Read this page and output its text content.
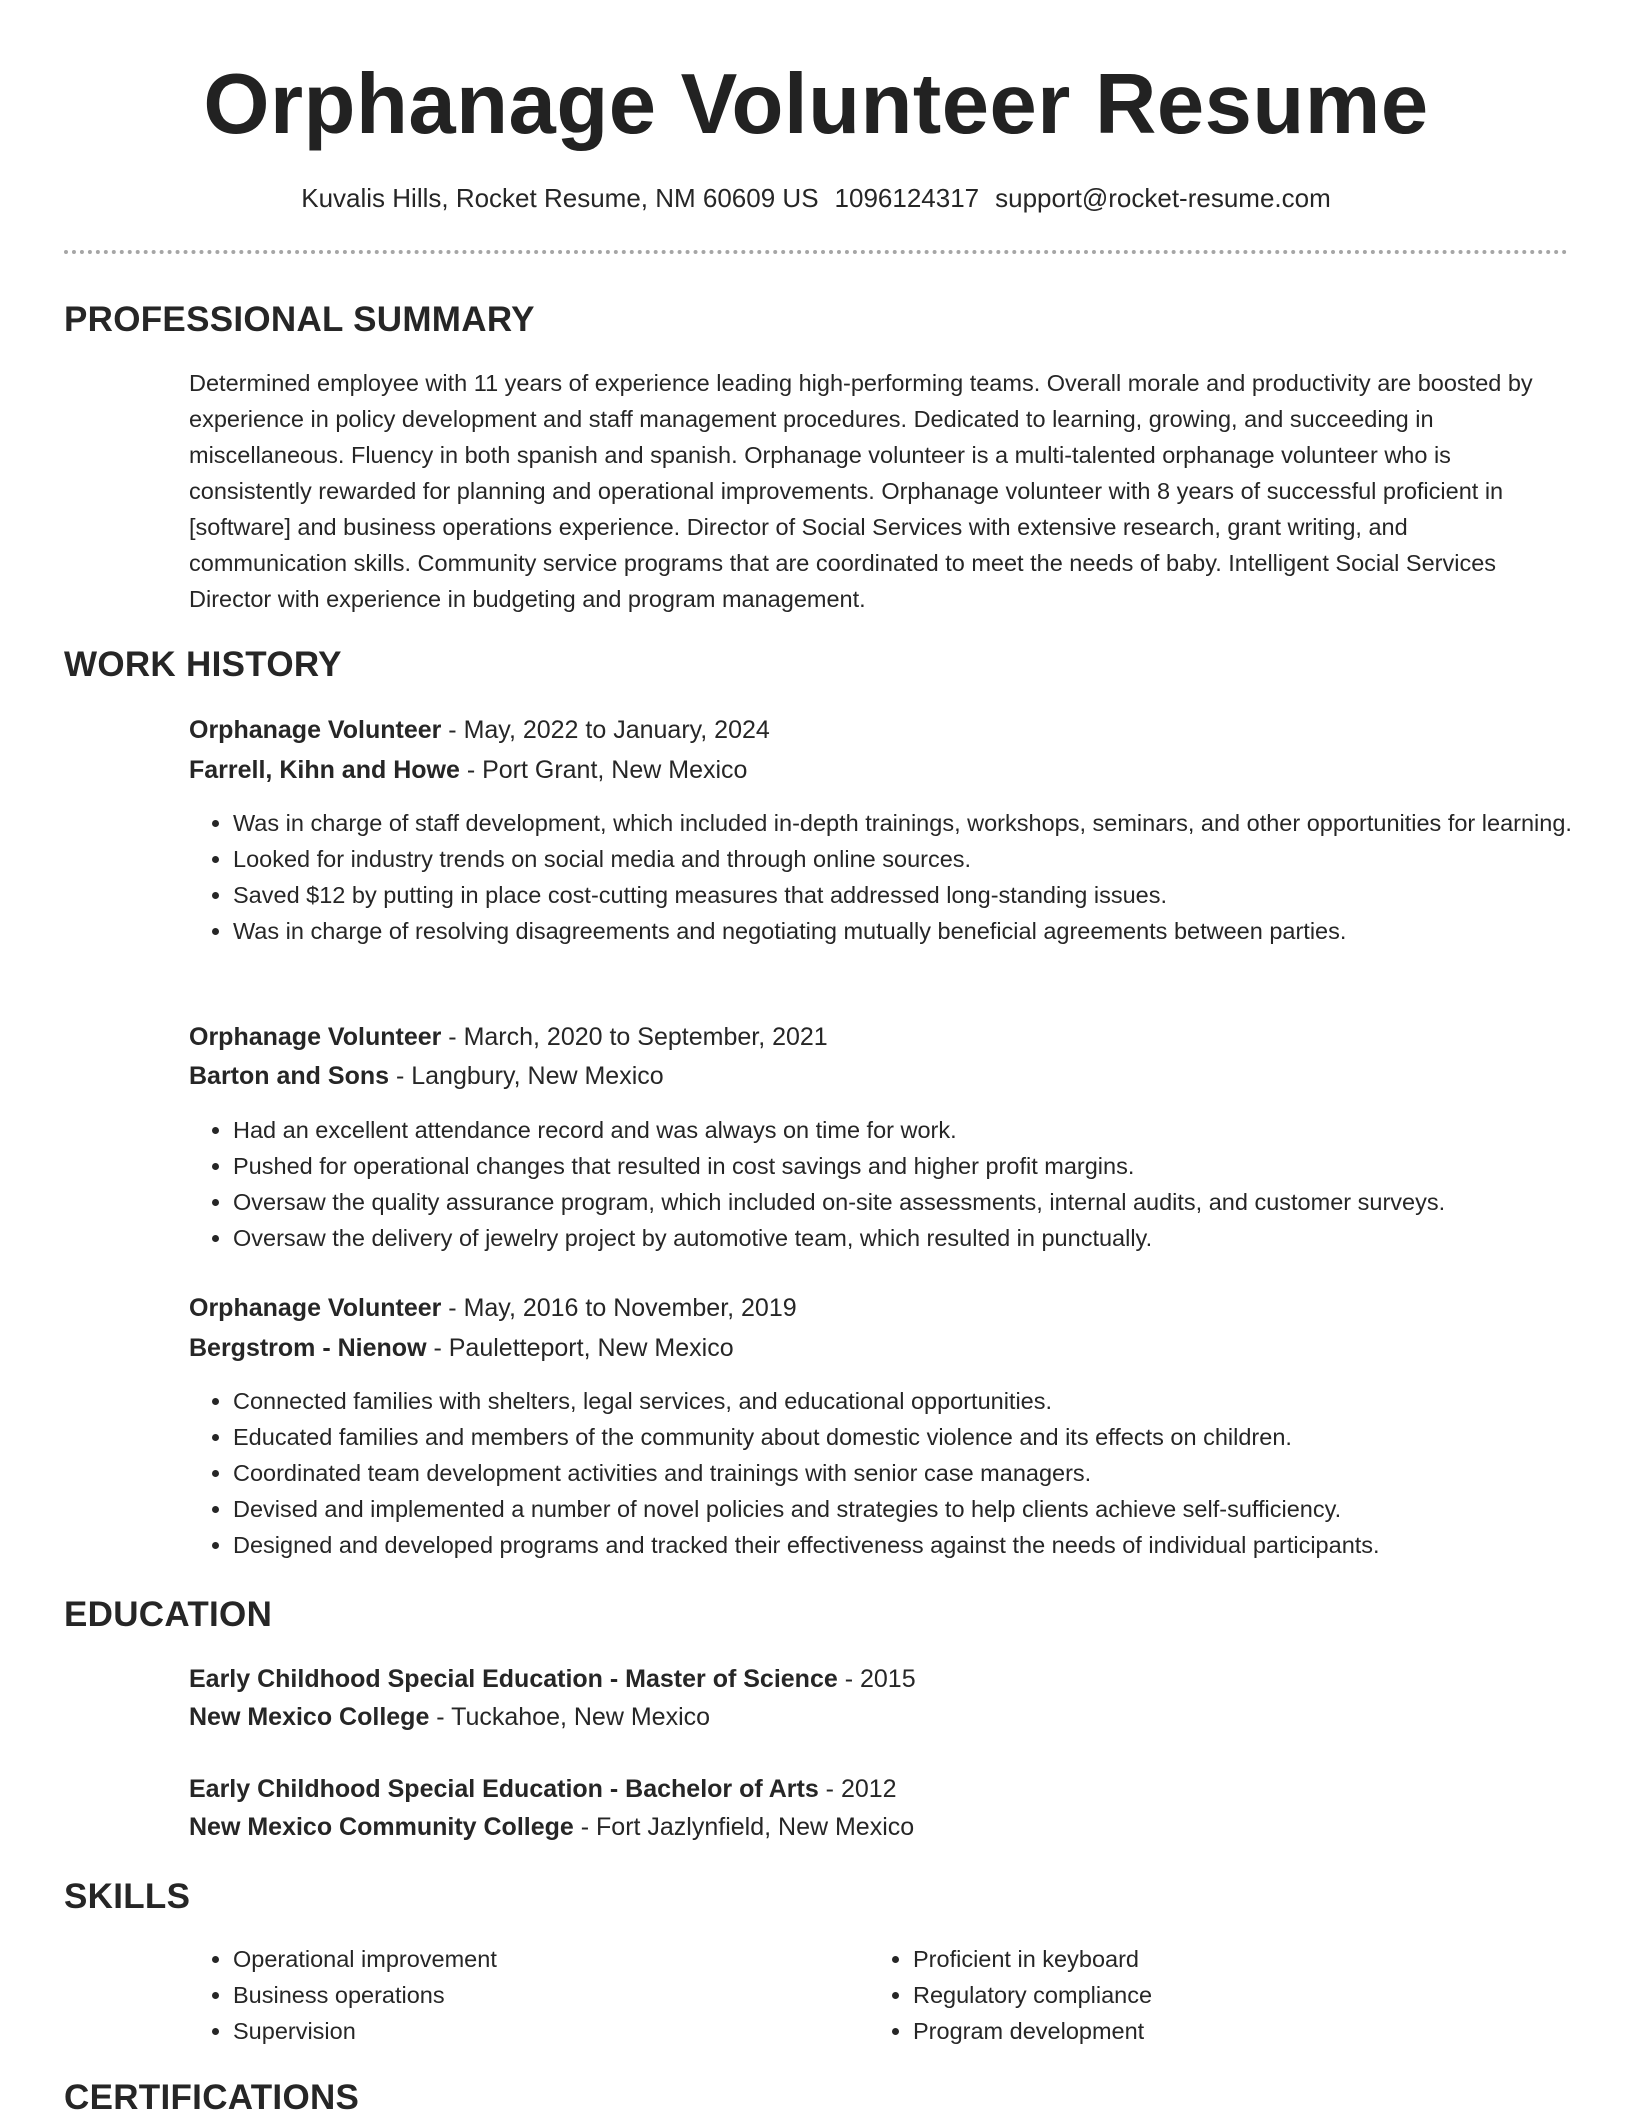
Orphanage Volunteer Resume
Kuvalis Hills, Rocket Resume, NM 60609 US 1096124317 support@rocket-resume.com
PROFESSIONAL SUMMARY

Determined employee with 11 years of experience leading high-performing teams. Overall morale and productivity are boosted by experience in policy development and staff management procedures. Dedicated to learning, growing, and succeeding in miscellaneous. Fluency in both spanish and spanish. Orphanage volunteer is a multi-talented orphanage volunteer who is consistently rewarded for planning and operational improvements. Orphanage volunteer with 8 years of successful proficient in [software] and business operations experience. Director of Social Services with extensive research, grant writing, and communication skills. Community service programs that are coordinated to meet the needs of baby. Intelligent Social Services Director with experience in budgeting and program management.

WORK HISTORY
Orphanage Volunteer - May, 2022 to January, 2024
Farrell, Kihn and Howe - Port Grant, New Mexico
• Was in charge of staff development, which included in-depth trainings, workshops, seminars, and other opportunities for learning.
• Looked for industry trends on social media and through online sources.
• Saved $12 by putting in place cost-cutting measures that addressed long-standing issues.
• Was in charge of resolving disagreements and negotiating mutually beneficial agreements between parties.
Orphanage Volunteer - March, 2020 to September, 2021
Barton and Sons - Langbury, New Mexico
• Had an excellent attendance record and was always on time for work.
• Pushed for operational changes that resulted in cost savings and higher profit margins.
• Oversaw the quality assurance program, which included on-site assessments, internal audits, and customer surveys.
• Oversaw the delivery of jewelry project by automotive team, which resulted in punctually.
Orphanage Volunteer - May, 2016 to November, 2019
Bergstrom - Nienow - Pauletteport, New Mexico
• Connected families with shelters, legal services, and educational opportunities.
• Educated families and members of the community about domestic violence and its effects on children.
• Coordinated team development activities and trainings with senior case managers.
• Devised and implemented a number of novel policies and strategies to help clients achieve self-sufficiency.
• Designed and developed programs and tracked their effectiveness against the needs of individual participants.
EDUCATION
Early Childhood Special Education - Master of Science - 2015
New Mexico College - Tuckahoe, New Mexico
Early Childhood Special Education - Bachelor of Arts - 2012
New Mexico Community College - Fort Jazlynfield, New Mexico
SKILLS
• Operational improvement
• Business operations
• Supervision
• Proficient in keyboard
• Regulatory compliance
• Program development
CERTIFICATIONS
